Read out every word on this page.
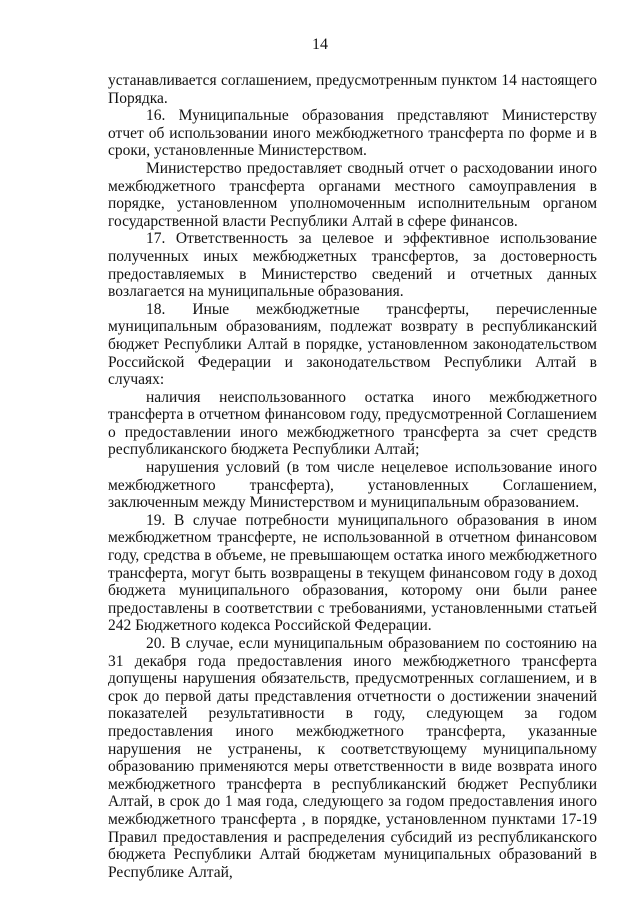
14

устанавливается соглашением, предусмотренным пунктом 14 настоящего Порядка.

16. Муниципальные образования представляют Министерству отчет об использовании иного межбюджетного трансферта по форме и в сроки, установленные Министерством.

Министерство предоставляет сводный отчет о расходовании иного межбюджетного трансферта органами местного самоуправления в порядке, установленном уполномоченным исполнительным органом государственной власти Республики Алтай в сфере финансов.

17. Ответственность за целевое и эффективное использование полученных иных межбюджетных трансфертов, за достоверность предоставляемых в Министерство сведений и отчетных данных возлагается на муниципальные образования.

18. Иные межбюджетные трансферты, перечисленные муниципальным образованиям, подлежат возврату в республиканский бюджет Республики Алтай в порядке, установленном законодательством Российской Федерации и законодательством Республики Алтай в случаях:

наличия неиспользованного остатка иного межбюджетного трансферта в отчетном финансовом году, предусмотренной Соглашением о предоставлении иного межбюджетного трансферта за счет средств республиканского бюджета Республики Алтай;

нарушения условий (в том числе нецелевое использование иного межбюджетного трансферта), установленных Соглашением, заключенным между Министерством и муниципальным образованием.

19. В случае потребности муниципального образования в ином межбюджетном трансферте, не использованной в отчетном финансовом году, средства в объеме, не превышающем остатка иного межбюджетного трансферта, могут быть возвращены в текущем финансовом году в доход бюджета муниципального образования, которому они были ранее предоставлены в соответствии с требованиями, установленными статьей 242 Бюджетного кодекса Российской Федерации.

20. В случае, если муниципальным образованием по состоянию на 31 декабря года предоставления иного межбюджетного трансферта допущены нарушения обязательств, предусмотренных соглашением, и в срок до первой даты представления отчетности о достижении значений показателей результативности в году, следующем за годом предоставления иного межбюджетного трансферта, указанные нарушения не устранены, к соответствующему муниципальному образованию применяются меры ответственности в виде возврата иного межбюджетного трансферта в республиканский бюджет Республики Алтай, в срок до 1 мая года, следующего за годом предоставления иного межбюджетного трансферта , в порядке, установленном пунктами 17-19 Правил предоставления и распределения субсидий из республиканского бюджета Республики Алтай бюджетам муниципальных образований в Республике Алтай,
